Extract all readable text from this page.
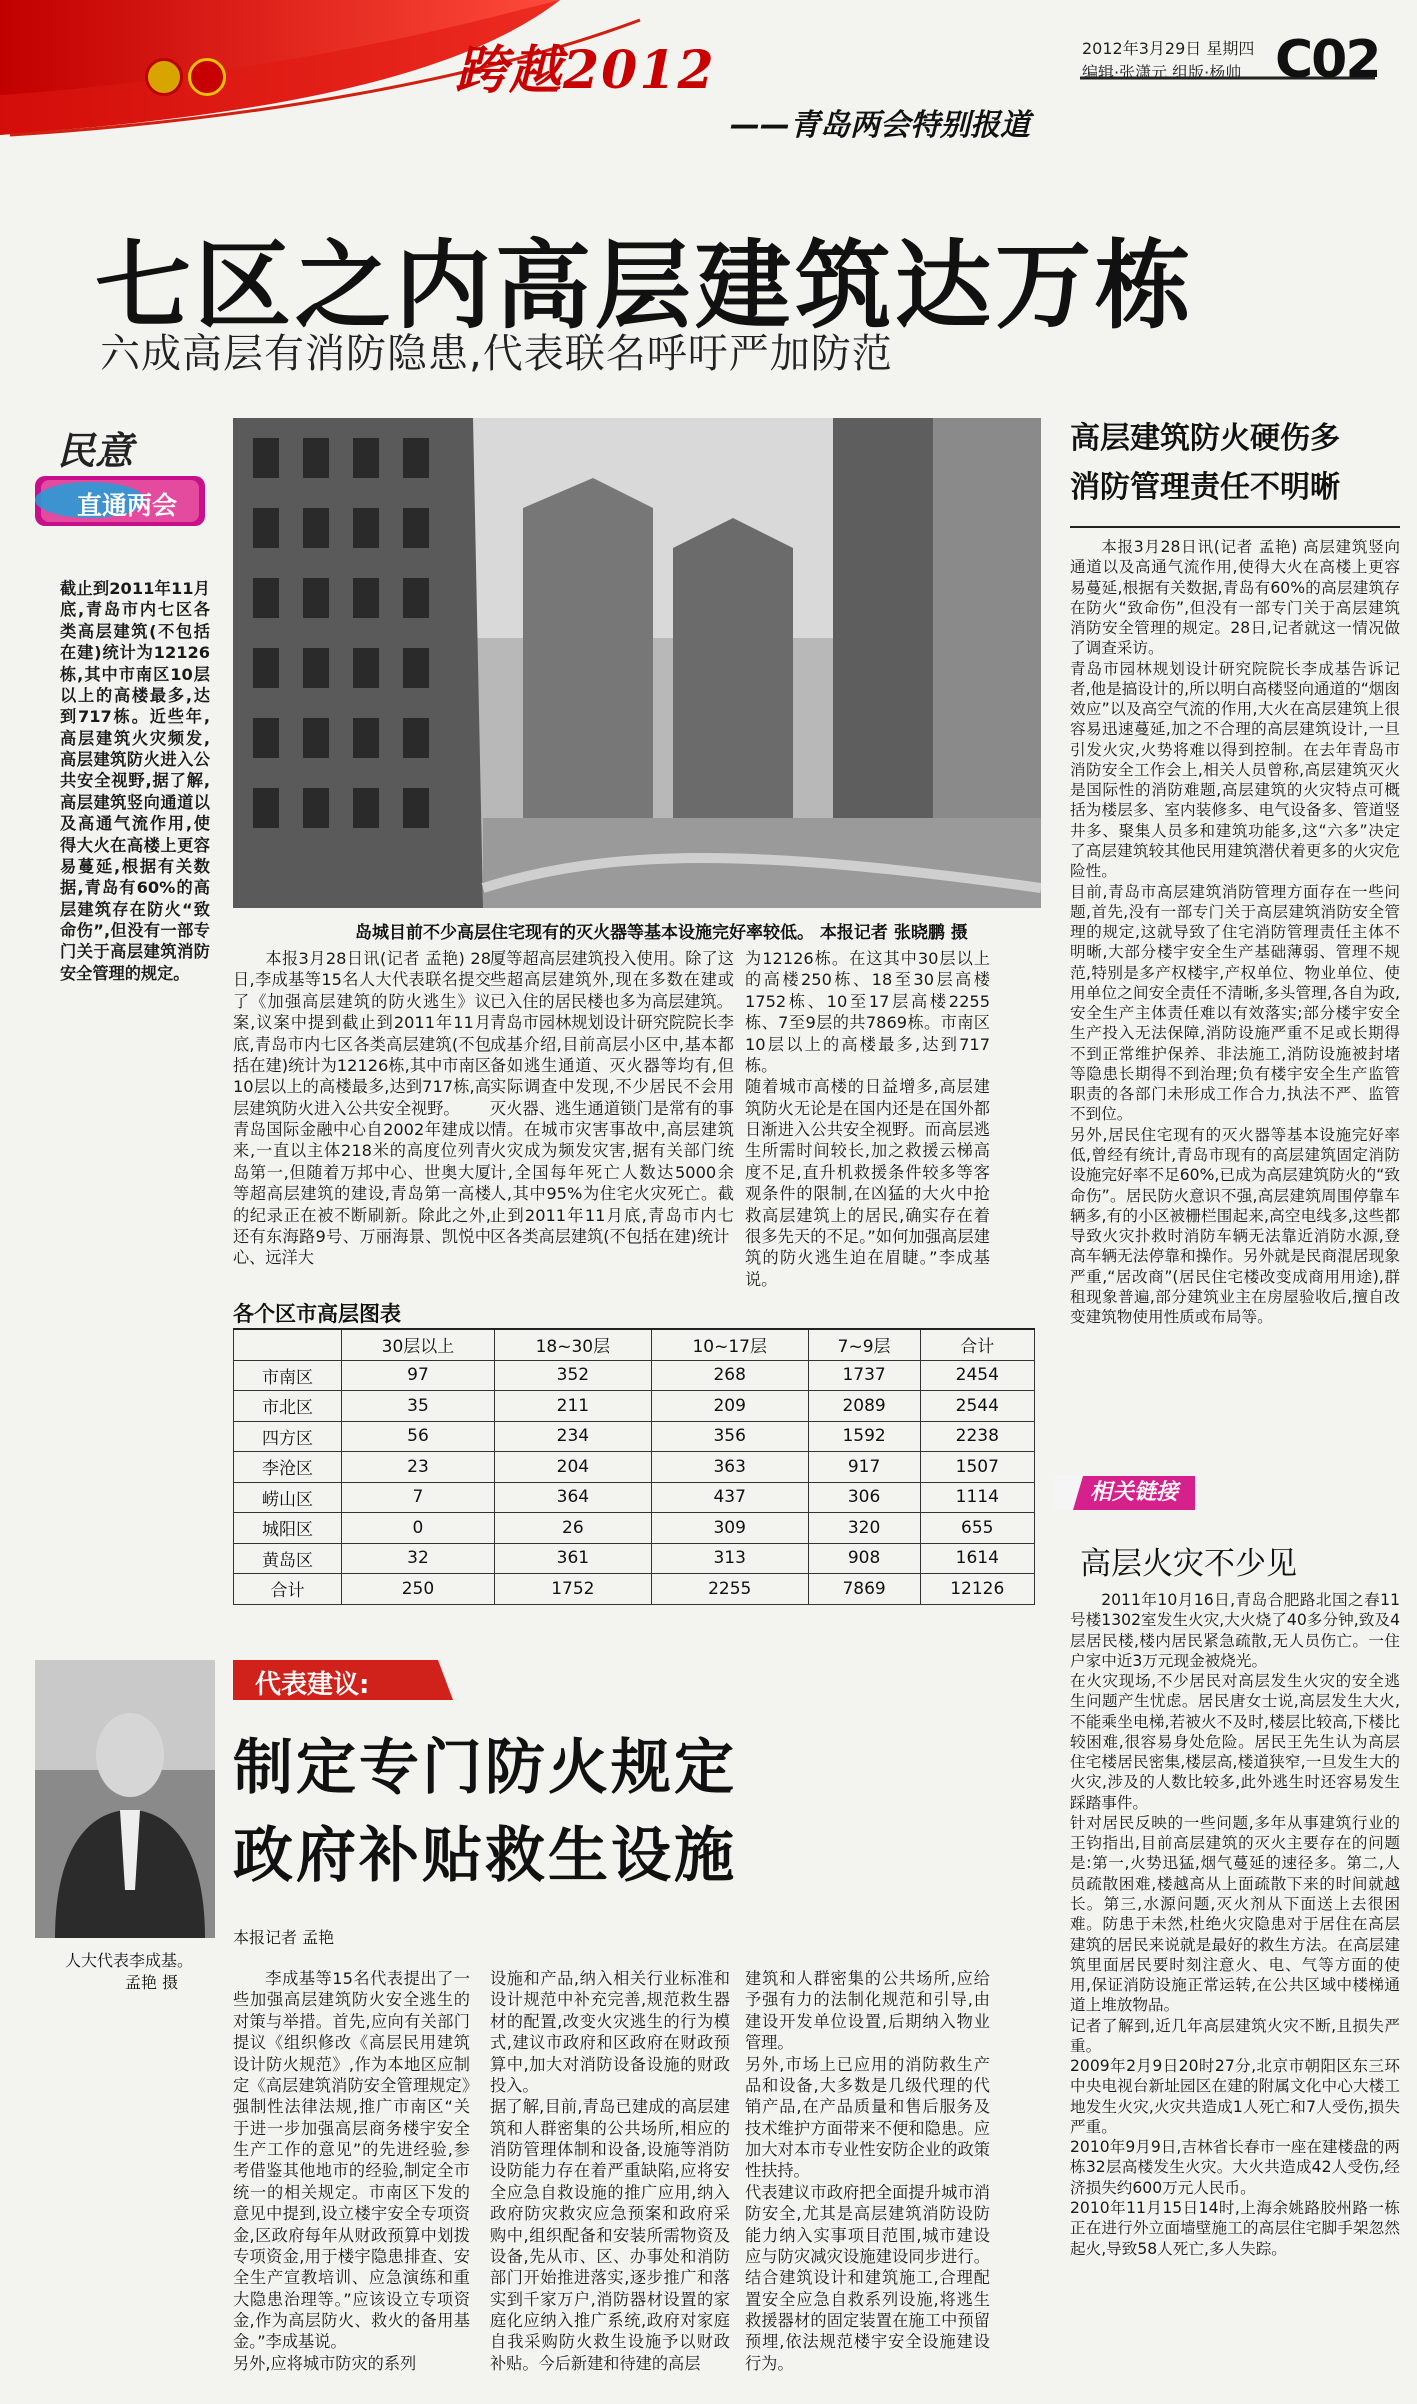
跨越2012
——青岛两会特别报道
2012年3月29日 星期四
编辑·张潇元 组版·杨帅 C02
七区之内高层建筑达万栋
六成高层有消防隐患,代表联名呼吁严加防范
民意
直通两会
截止到2011年11月底,青岛市内七区各类高层建筑(不包括在建)统计为12126栋,其中市南区10层以上的高楼最多,达到717栋。近些年,高层建筑火灾频发,高层建筑防火进入公共安全视野,据了解,高层建筑竖向通道以及高通气流作用,使得大火在高楼上更容易蔓延,根据有关数据,青岛有60%的高层建筑存在防火“致命伤”,但没有一部专门关于高层建筑消防安全管理的规定。
岛城目前不少高层住宅现有的灭火器等基本设施完好率较低。 本报记者 张晓鹏 摄

本报3月28日讯(记者 孟艳) 28日,李成基等15名人大代表联名提交了《加强高层建筑的防火逃生》议案,议案中提到截止到2011年11月底,青岛市内七区各类高层建筑(不包括在建)统计为12126栋,其中市南区10层以上的高楼最多,达到717栋,高层建筑防火进入公共安全视野。
青岛国际金融中心自2002年建成以来,一直以主体218米的高度位列青岛第一,但随着万邦中心、世奥大厦等超高层建筑的建设,青岛第一高楼的纪录正在被不断刷新。除此之外,还有东海路9号、万丽海景、凯悦中心、远洋大

厦等超高层建筑投入使用。除了这些超高层建筑外,现在多数在建或已入住的居民楼也多为高层建筑。
青岛市园林规划设计研究院院长李成基介绍,目前高层小区中,基本都备如逃生通道、灭火器等均有,但实际调查中发现,不少居民不会用灭火器、逃生通道锁门是常有的事情。在城市灾害事故中,高层建筑火灾成为频发灾害,据有关部门统计,全国每年死亡人数达5000余人,其中95%为住宅火灾死亡。截止到2011年11月底,青岛市内七区各类高层建筑(不包括在建)统计

为12126栋。在这其中30层以上的高楼250栋、18至30层高楼1752栋、10至17层高楼2255栋、7至9层的共7869栋。市南区10层以上的高楼最多,达到717栋。
随着城市高楼的日益增多,高层建筑防火无论是在国内还是在国外都日渐进入公共安全视野。而高层逃生所需时间较长,加之救援云梯高度不足,直升机救援条件较多等客观条件的限制,在凶猛的大火中抢救高层建筑上的居民,确实存在着很多先天的不足。”如何加强高层建筑的防火逃生迫在眉睫。”李成基说。

各个区市高层图表
	30层以上	18~30层	10~17层	7~9层	合计
市南区	97	352	268	1737	2454
市北区	35	211	209	2089	2544
四方区	56	234	356	1592	2238
李沧区	23	204	363	917	1507
崂山区	7	364	437	306	1114
城阳区	0	26	309	320	655
黄岛区	32	361	313	908	1614
合计	250	1752	2255	7869	12126
人大代表李成基。
孟艳 摄
代表建议:
制定专门防火规定
政府补贴救生设施
本报记者 孟艳

李成基等15名代表提出了一些加强高层建筑防火安全逃生的对策与举措。首先,应向有关部门提议《组织修改《高层民用建筑设计防火规范》,作为本地区应制定《高层建筑消防安全管理规定》强制性法律法规,推广市南区“关于进一步加强高层商务楼宇安全生产工作的意见”的先进经验,参考借鉴其他地市的经验,制定全市统一的相关规定。市南区下发的意见中提到,设立楼宇安全专项资金,区政府每年从财政预算中划拨专项资金,用于楼宇隐患排查、安全生产宣教培训、应急演练和重大隐患治理等。”应该设立专项资金,作为高层防火、救火的备用基金。”李成基说。
另外,应将城市防灾的系列

设施和产品,纳入相关行业标准和设计规范中补充完善,规范救生器材的配置,改变火灾逃生的行为模式,建议市政府和区政府在财政预算中,加大对消防设备设施的财政投入。
据了解,目前,青岛已建成的高层建筑和人群密集的公共场所,相应的消防管理体制和设备,设施等消防设防能力存在着严重缺陷,应将安全应急自救设施的推广应用,纳入政府防灾救灾应急预案和政府采购中,组织配备和安装所需物资及设备,先从市、区、办事处和消防部门开始推进落实,逐步推广和落实到千家万户,消防器材设置的家庭化应纳入推广系统,政府对家庭自我采购防火救生设施予以财政补贴。今后新建和待建的高层

建筑和人群密集的公共场所,应给予强有力的法制化规范和引导,由建设开发单位设置,后期纳入物业管理。
另外,市场上已应用的消防救生产品和设备,大多数是几级代理的代销产品,在产品质量和售后服务及技术维护方面带来不便和隐患。应加大对本市专业性安防企业的政策性扶持。
代表建议市政府把全面提升城市消防安全,尤其是高层建筑消防设防能力纳入实事项目范围,城市建设应与防灾减灾设施建设同步进行。结合建筑设计和建筑施工,合理配置安全应急自救系列设施,将逃生救援器材的固定装置在施工中预留预埋,依法规范楼宇安全设施建设行为。

高层建筑防火硬伤多
消防管理责任不明晰

本报3月28日讯(记者 孟艳) 高层建筑竖向通道以及高通气流作用,使得大火在高楼上更容易蔓延,根据有关数据,青岛有60%的高层建筑存在防火“致命伤”,但没有一部专门关于高层建筑消防安全管理的规定。28日,记者就这一情况做了调查采访。
青岛市园林规划设计研究院院长李成基告诉记者,他是搞设计的,所以明白高楼竖向通道的“烟囱效应”以及高空气流的作用,大火在高层建筑上很容易迅速蔓延,加之不合理的高层建筑设计,一旦引发火灾,火势将难以得到控制。在去年青岛市消防安全工作会上,相关人员曾称,高层建筑灭火是国际性的消防难题,高层建筑的火灾特点可概括为楼层多、室内装修多、电气设备多、管道竖井多、聚集人员多和建筑功能多,这“六多”决定了高层建筑较其他民用建筑潜伏着更多的火灾危险性。
目前,青岛市高层建筑消防管理方面存在一些问题,首先,没有一部专门关于高层建筑消防安全管理的规定,这就导致了住宅消防管理责任主体不明晰,大部分楼宇安全生产基础薄弱、管理不规范,特别是多产权楼宇,产权单位、物业单位、使用单位之间安全责任不清晰,多头管理,各自为政,安全生产主体责任难以有效落实;部分楼宇安全生产投入无法保障,消防设施严重不足或长期得不到正常维护保养、非法施工,消防设施被封堵等隐患长期得不到治理;负有楼宇安全生产监管职责的各部门未形成工作合力,执法不严、监管不到位。
另外,居民住宅现有的灭火器等基本设施完好率低,曾经有统计,青岛市现有的高层建筑固定消防设施完好率不足60%,已成为高层建筑防火的“致命伤”。居民防火意识不强,高层建筑周围停靠车辆多,有的小区被栅栏围起来,高空电线多,这些都导致火灾扑救时消防车辆无法靠近消防水源,登高车辆无法停靠和操作。另外就是民商混居现象严重,“居改商”(居民住宅楼改变成商用用途),群租现象普遍,部分建筑业主在房屋验收后,擅自改变建筑物使用性质或布局等。

相关链接
高层火灾不少见

2011年10月16日,青岛合肥路北国之春11号楼1302室发生火灾,大火烧了40多分钟,致及4层居民楼,楼内居民紧急疏散,无人员伤亡。一住户家中近3万元现金被烧光。
在火灾现场,不少居民对高层发生火灾的安全逃生问题产生忧虑。居民唐女士说,高层发生大火,不能乘坐电梯,若被火不及时,楼层比较高,下楼比较困难,很容易身处危险。居民王先生认为高层住宅楼居民密集,楼层高,楼道狭窄,一旦发生大的火灾,涉及的人数比较多,此外逃生时还容易发生踩踏事件。
针对居民反映的一些问题,多年从事建筑行业的王钧指出,目前高层建筑的灭火主要存在的问题是:第一,火势迅猛,烟气蔓延的速径多。第二,人员疏散困难,楼越高从上面疏散下来的时间就越长。第三,水源问题,灭火剂从下面送上去很困难。防患于未然,杜绝火灾隐患对于居住在高层建筑的居民来说就是最好的救生方法。在高层建筑里面居民要时刻注意火、电、气等方面的使用,保证消防设施正常运转,在公共区域中楼梯通道上堆放物品。
记者了解到,近几年高层建筑火灾不断,且损失严重。
2009年2月9日20时27分,北京市朝阳区东三环中央电视台新址园区在建的附属文化中心大楼工地发生火灾,火灾共造成1人死亡和7人受伤,损失严重。
2010年9月9日,吉林省长春市一座在建楼盘的两栋32层高楼发生火灾。大火共造成42人受伤,经济损失约600万元人民币。
2010年11月15日14时,上海余姚路胶州路一栋正在进行外立面墙壁施工的高层住宅脚手架忽然起火,导致58人死亡,多人失踪。
